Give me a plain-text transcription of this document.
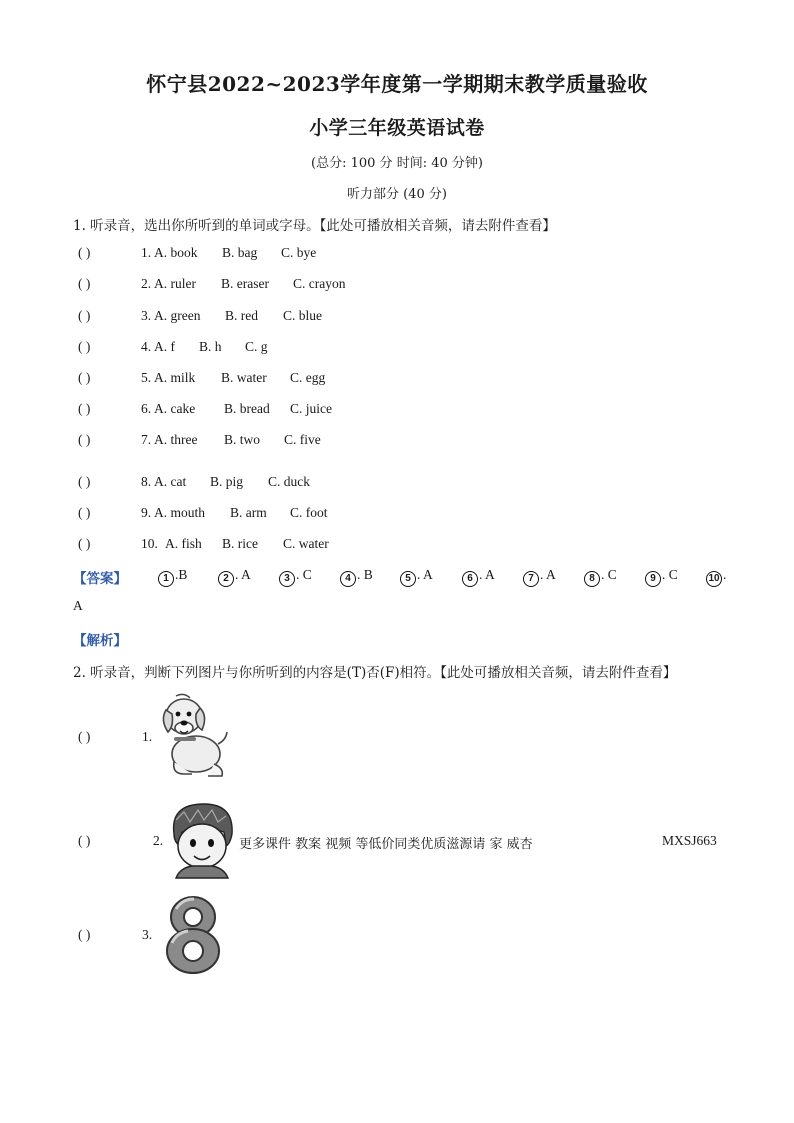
怀宁县2022~2023学年度第一学期期末教学质量验收
小学三年级英语试卷
(总分: 100 分 时间: 40 分钟)
听力部分 (40 分)
1. 听录音，选出你所听到的单词或字母。【此处可播放相关音频，请去附件查看】
( )	1. A. book B. bag C. bye
( )	2. A. ruler B. eraser C. crayon
( )	3. A. green B. red C. blue
( )	4. A. f B. h C. g
( )	5. A. milk B. water C. egg
( )	6. A. cake B. bread C. juice
( )	7. A. three B. two C. five
( )	8. A. cat B. pig C. duck
( )	9. A. mouth B. arm C. foot
( )	10. A. fish B. rice C. water
【答案】	1 .B	2 . A	3 . C	4 . B	5 . A	6 . A	7 . A	8 . C	9 . C	10 .
A
【解析】
2. 听录音，判断下列图片与你所听到的内容是(T)否(F)相符。【此处可播放相关音频，请去附件查看】
( )	1.
( )	2.	更多课件 教案 视频 等低价同类优质滋源请 家 威杏	MXSJ663
( )	3.
